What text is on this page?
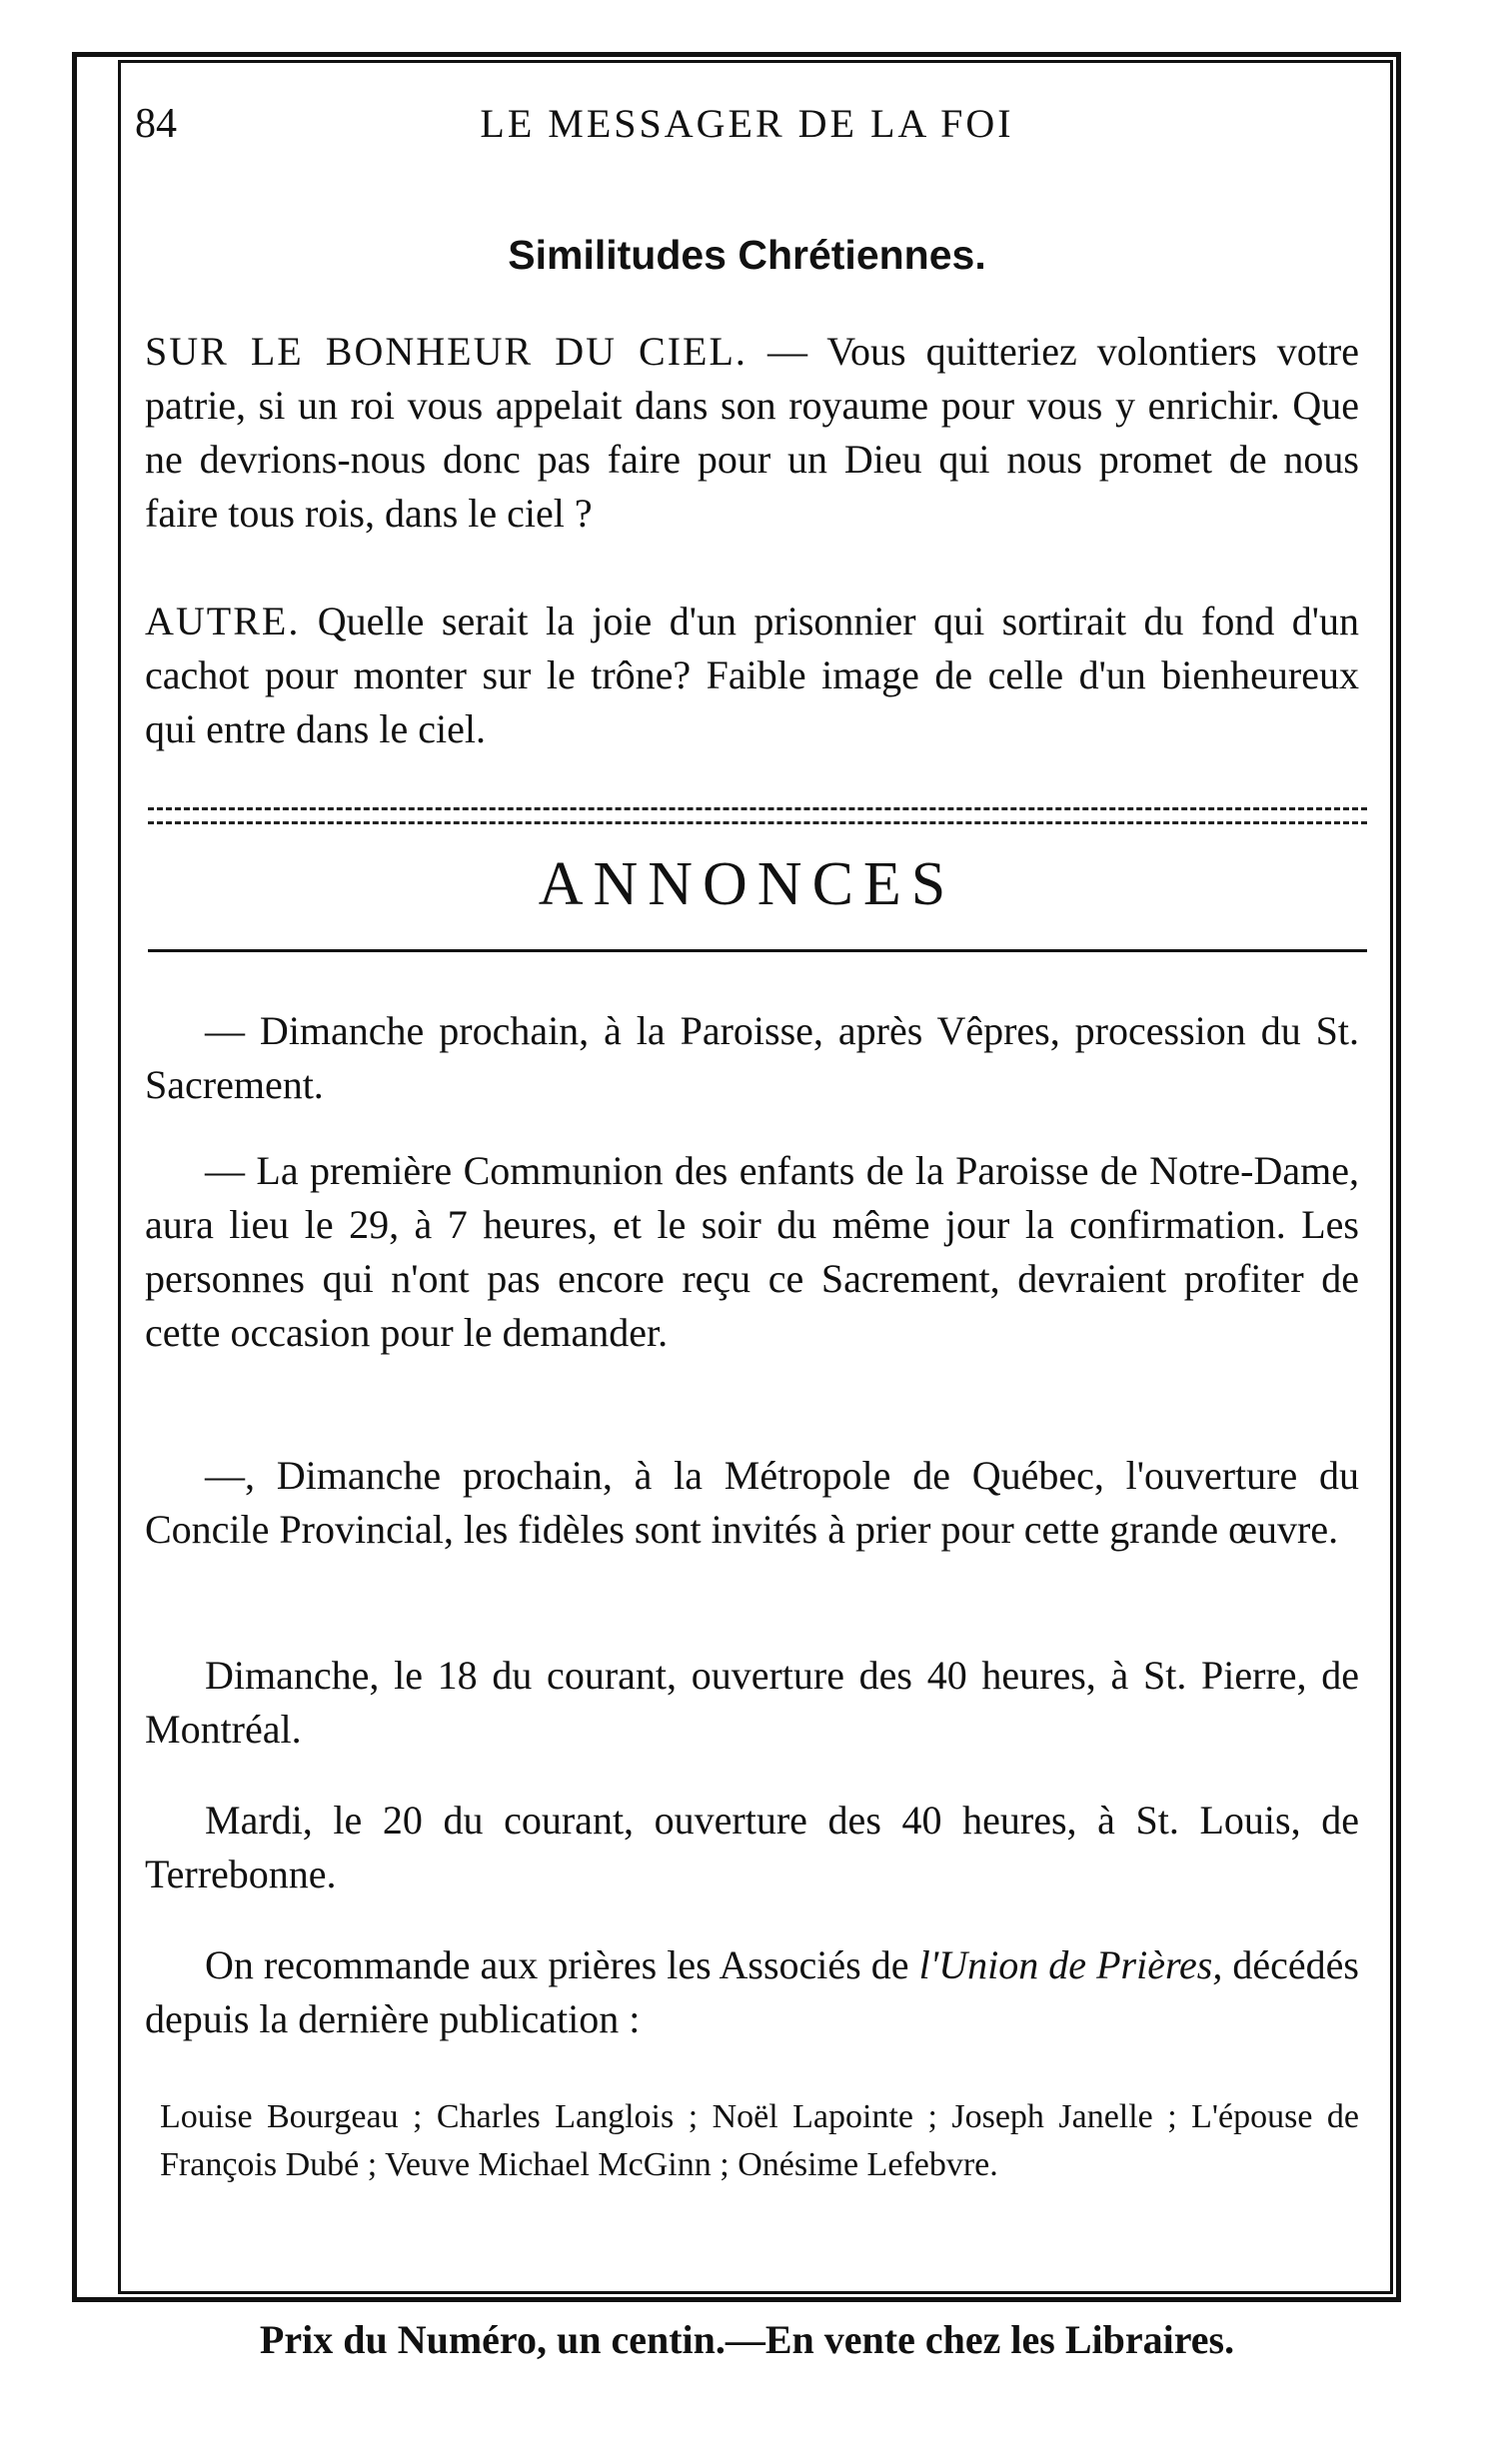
84	LE MESSAGER DE LA FOI
Similitudes Chrétiennes.
SUR LE BONHEUR DU CIEL. — Vous quitteriez volontiers votre patrie, si un roi vous appelait dans son royaume pour vous y enrichir. Que ne devrions-nous donc pas faire pour un Dieu qui nous promet de nous faire tous rois, dans le ciel ?
AUTRE. Quelle serait la joie d'un prisonnier qui sortirait du fond d'un cachot pour monter sur le trône? Faible image de celle d'un bienheureux qui entre dans le ciel.
ANNONCES
— Dimanche prochain, à la Paroisse, après Vêpres, procession du St. Sacrement.
— La première Communion des enfants de la Paroisse de Notre-Dame, aura lieu le 29, à 7 heures, et le soir du même jour la confirmation. Les personnes qui n'ont pas encore reçu ce Sacrement, devraient profiter de cette occasion pour le demander.
—, Dimanche prochain, à la Métropole de Québec, l'ouverture du Concile Provincial, les fidèles sont invités à prier pour cette grande œuvre.
Dimanche, le 18 du courant, ouverture des 40 heures, à St. Pierre, de Montréal.
Mardi, le 20 du courant, ouverture des 40 heures, à St. Louis, de Terrebonne.
On recommande aux prières les Associés de l'Union de Prières, décédés depuis la dernière publication :
Louise Bourgeau ; Charles Langlois ; Noël Lapointe ; Joseph Janelle ; L'épouse de François Dubé ; Veuve Michael McGinn ; Onésime Lefebvre.
Prix du Numéro, un centin.—En vente chez les Libraires.
